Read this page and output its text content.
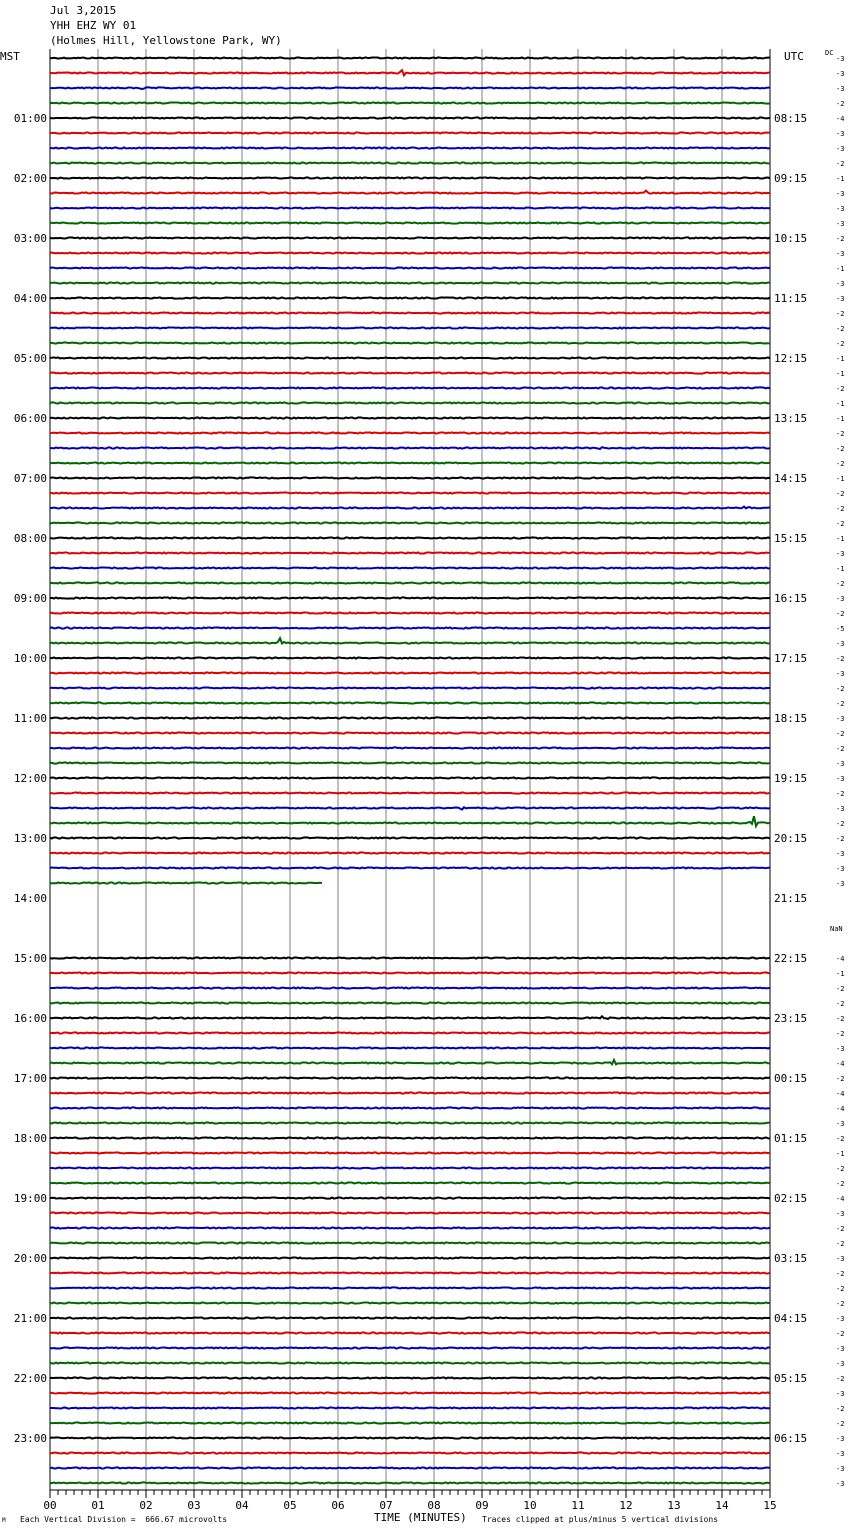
Jul 3,2015
YHH EHZ WY 01
(Holmes Hill, Yellowstone Park, WY)
01:00
02:00
03:00
04:00
05:00
06:00
07:00
08:00
09:00
10:00
11:00
12:00
13:00
14:00
15:00
16:00
17:00
18:00
19:00
20:00
21:00
22:00
23:00
08:15
09:15
10:15
11:15
12:15
13:15
14:15
15:15
16:15
17:15
18:15
19:15
20:15
21:15
22:15
23:15
00:15
01:15
02:15
03:15
04:15
05:15
06:15
MST	UTC	DC
NaN
-3
-3
-3
-2
-4
-3
-3
-2
-1
-3
-3
-3
-2
-3
-1
-3
-3
-2
-2
-2
-1
-1
-2
-1
-1
-2
-2
-2
-1
-2
-2
-2
-1
-3
-1
-2
-3
-2
-5
-3
-2
-3
-2
-2
-3
-2
-2
-3
-3
-2
-3
-2
-2
-3
-3
-3
-4
-1
-2
-2
-2
-2
-3
-4
-2
-4
-4
-3
-2
-1
-2
-2
-4
-3
-2
-2
-3
-2
-2
-2
-3
-2
-3
-3
-2
-3
-2
-2
-3
-3
-3
-3
00	01	02	03	04	05	06	07	08	09	10	11	12	13	14	15
Each Vertical Division =  666.67 microvolts
M	Traces clipped at plus/minus 5 vertical divisions
TIME (MINUTES)
